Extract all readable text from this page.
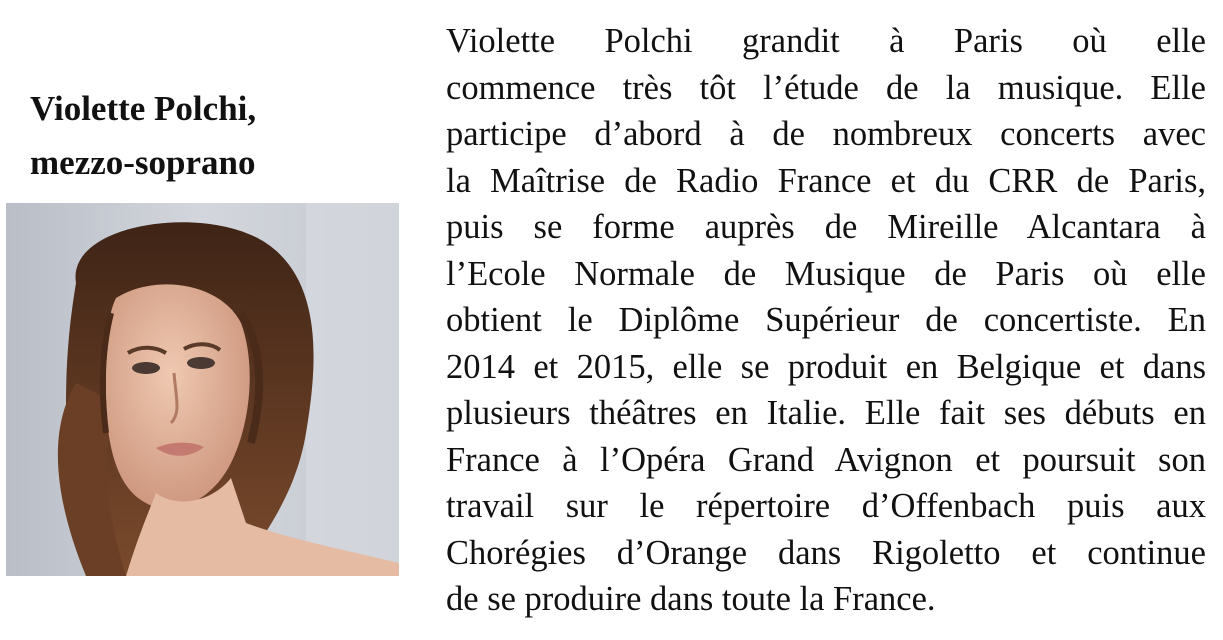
Violette Polchi,
mezzo-soprano
Violette Polchi grandit à Paris où elle
commence très tôt l’étude de la musique. Elle
participe d’abord à de nombreux concerts avec
la Maîtrise de Radio France et du CRR de Paris,
puis se forme auprès de Mireille Alcantara à
l’Ecole Normale de Musique de Paris où elle
obtient le Diplôme Supérieur de concertiste. En
2014 et 2015, elle se produit en Belgique et dans
plusieurs théâtres en Italie. Elle fait ses débuts en
France à l’Opéra Grand Avignon et poursuit son
travail sur le répertoire d’Offenbach puis aux
Chorégies d’Orange dans Rigoletto et continue
de se produire dans toute la France.
